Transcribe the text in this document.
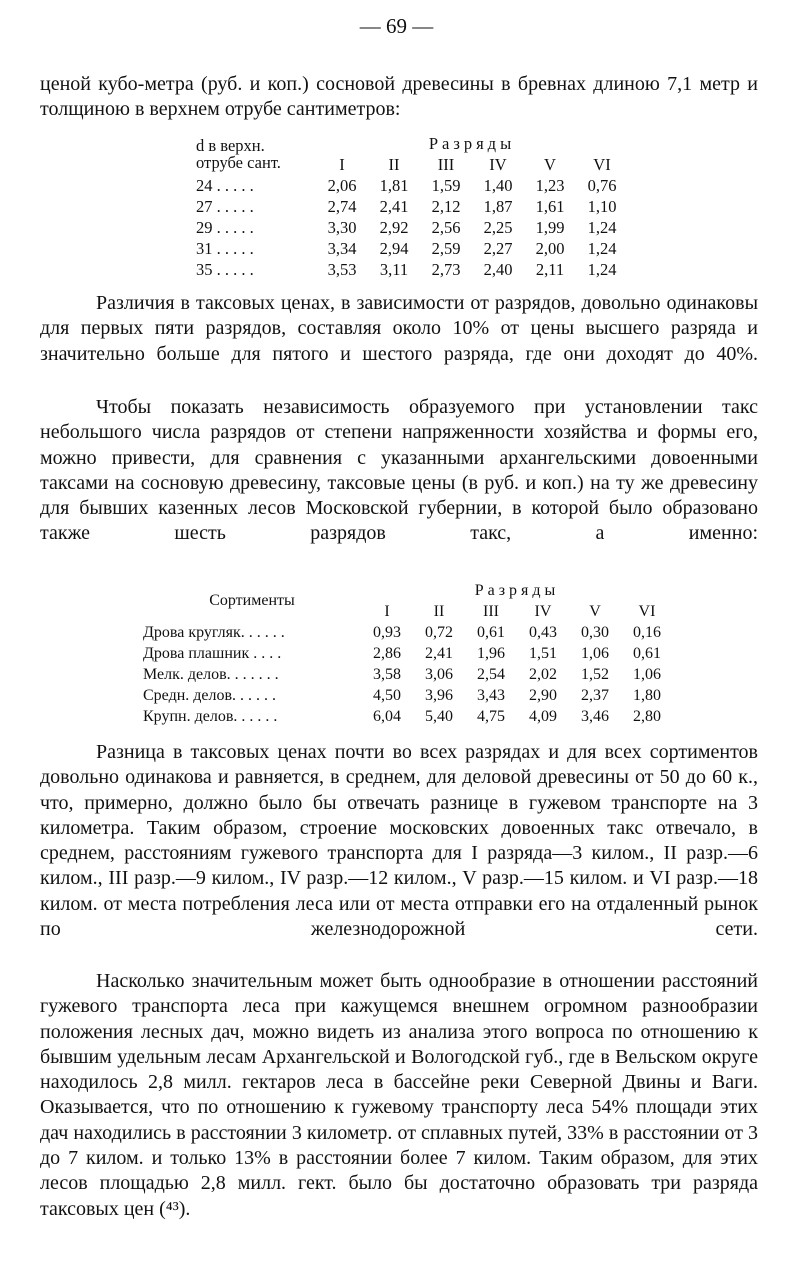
— 69 —
ценой кубо-метра (руб. и коп.) сосновой древесины в бревнах длиною 7,1 метр и толщиною в верхнем отрубе сантиметров:
d в верхн.
отрубе сант.	Разряды					
	I	II	III	IV	V	VI
24 . . . . .	2,06	1,81	1,59	1,40	1,23	0,76
27 . . . . .	2,74	2,41	2,12	1,87	1,61	1,10
29 . . . . .	3,30	2,92	2,56	2,25	1,99	1,24
31 . . . . .	3,34	2,94	2,59	2,27	2,00	1,24
35 . . . . .	3,53	3,11	2,73	2,40	2,11	1,24
Различия в таксовых ценах, в зависимости от разрядов, довольно одинаковы для первых пяти разрядов, составляя около 10% от цены высшего разряда и значительно больше для пятого и шестого разряда, где они доходят до 40%.
Чтобы показать независимость образуемого при установлении такс небольшого числа разрядов от степени напряженности хозяйства и формы его, можно привести, для сравнения с указанными архангельскими довоенными таксами на сосновую древесину, таксовые цены (в руб. и коп.) на ту же древесину для бывших казенных лесов Московской губернии, в которой было образовано также шесть разрядов такс, а именно:
Сортименты	Разряды					
	I	II	III	IV	V	VI
Дрова кругляк. . . . . .	0,93	0,72	0,61	0,43	0,30	0,16
Дрова плашник . . . .	2,86	2,41	1,96	1,51	1,06	0,61
Мелк. делов. . . . . . .	3,58	3,06	2,54	2,02	1,52	1,06
Средн. делов. . . . . .	4,50	3,96	3,43	2,90	2,37	1,80
Крупн. делов. . . . . .	6,04	5,40	4,75	4,09	3,46	2,80
Разница в таксовых ценах почти во всех разрядах и для всех сортиментов довольно одинакова и равняется, в среднем, для деловой древесины от 50 до 60 к., что, примерно, должно было бы отвечать разнице в гужевом транспорте на 3 километра. Таким образом, строение московских довоенных такс отвечало, в среднем, расстояниям гужевого транспорта для I разряда—3 килом., II разр.—6 килом., III разр.—9 килом., IV разр.—12 килом., V разр.—15 килом. и VI разр.—18 килом. от места потребления леса или от места отправки его на отдаленный рынок по железнодорожной сети.
Насколько значительным может быть однообразие в отношении расстояний гужевого транспорта леса при кажущемся внешнем огромном разнообразии положения лесных дач, можно видеть из анализа этого вопроса по отношению к бывшим удельным лесам Архангельской и Вологодской губ., где в Вельском округе находилось 2,8 милл. гектаров леса в бассейне реки Северной Двины и Ваги. Оказывается, что по отношению к гужевому транспорту леса 54% площади этих дач находились в расстоянии 3 километр. от сплавных путей, 33% в расстоянии от 3 до 7 килом. и только 13% в расстоянии более 7 килом. Таким образом, для этих лесов площадью 2,8 милл. гект. было бы достаточно образовать три разряда таксовых цен (⁴³).
